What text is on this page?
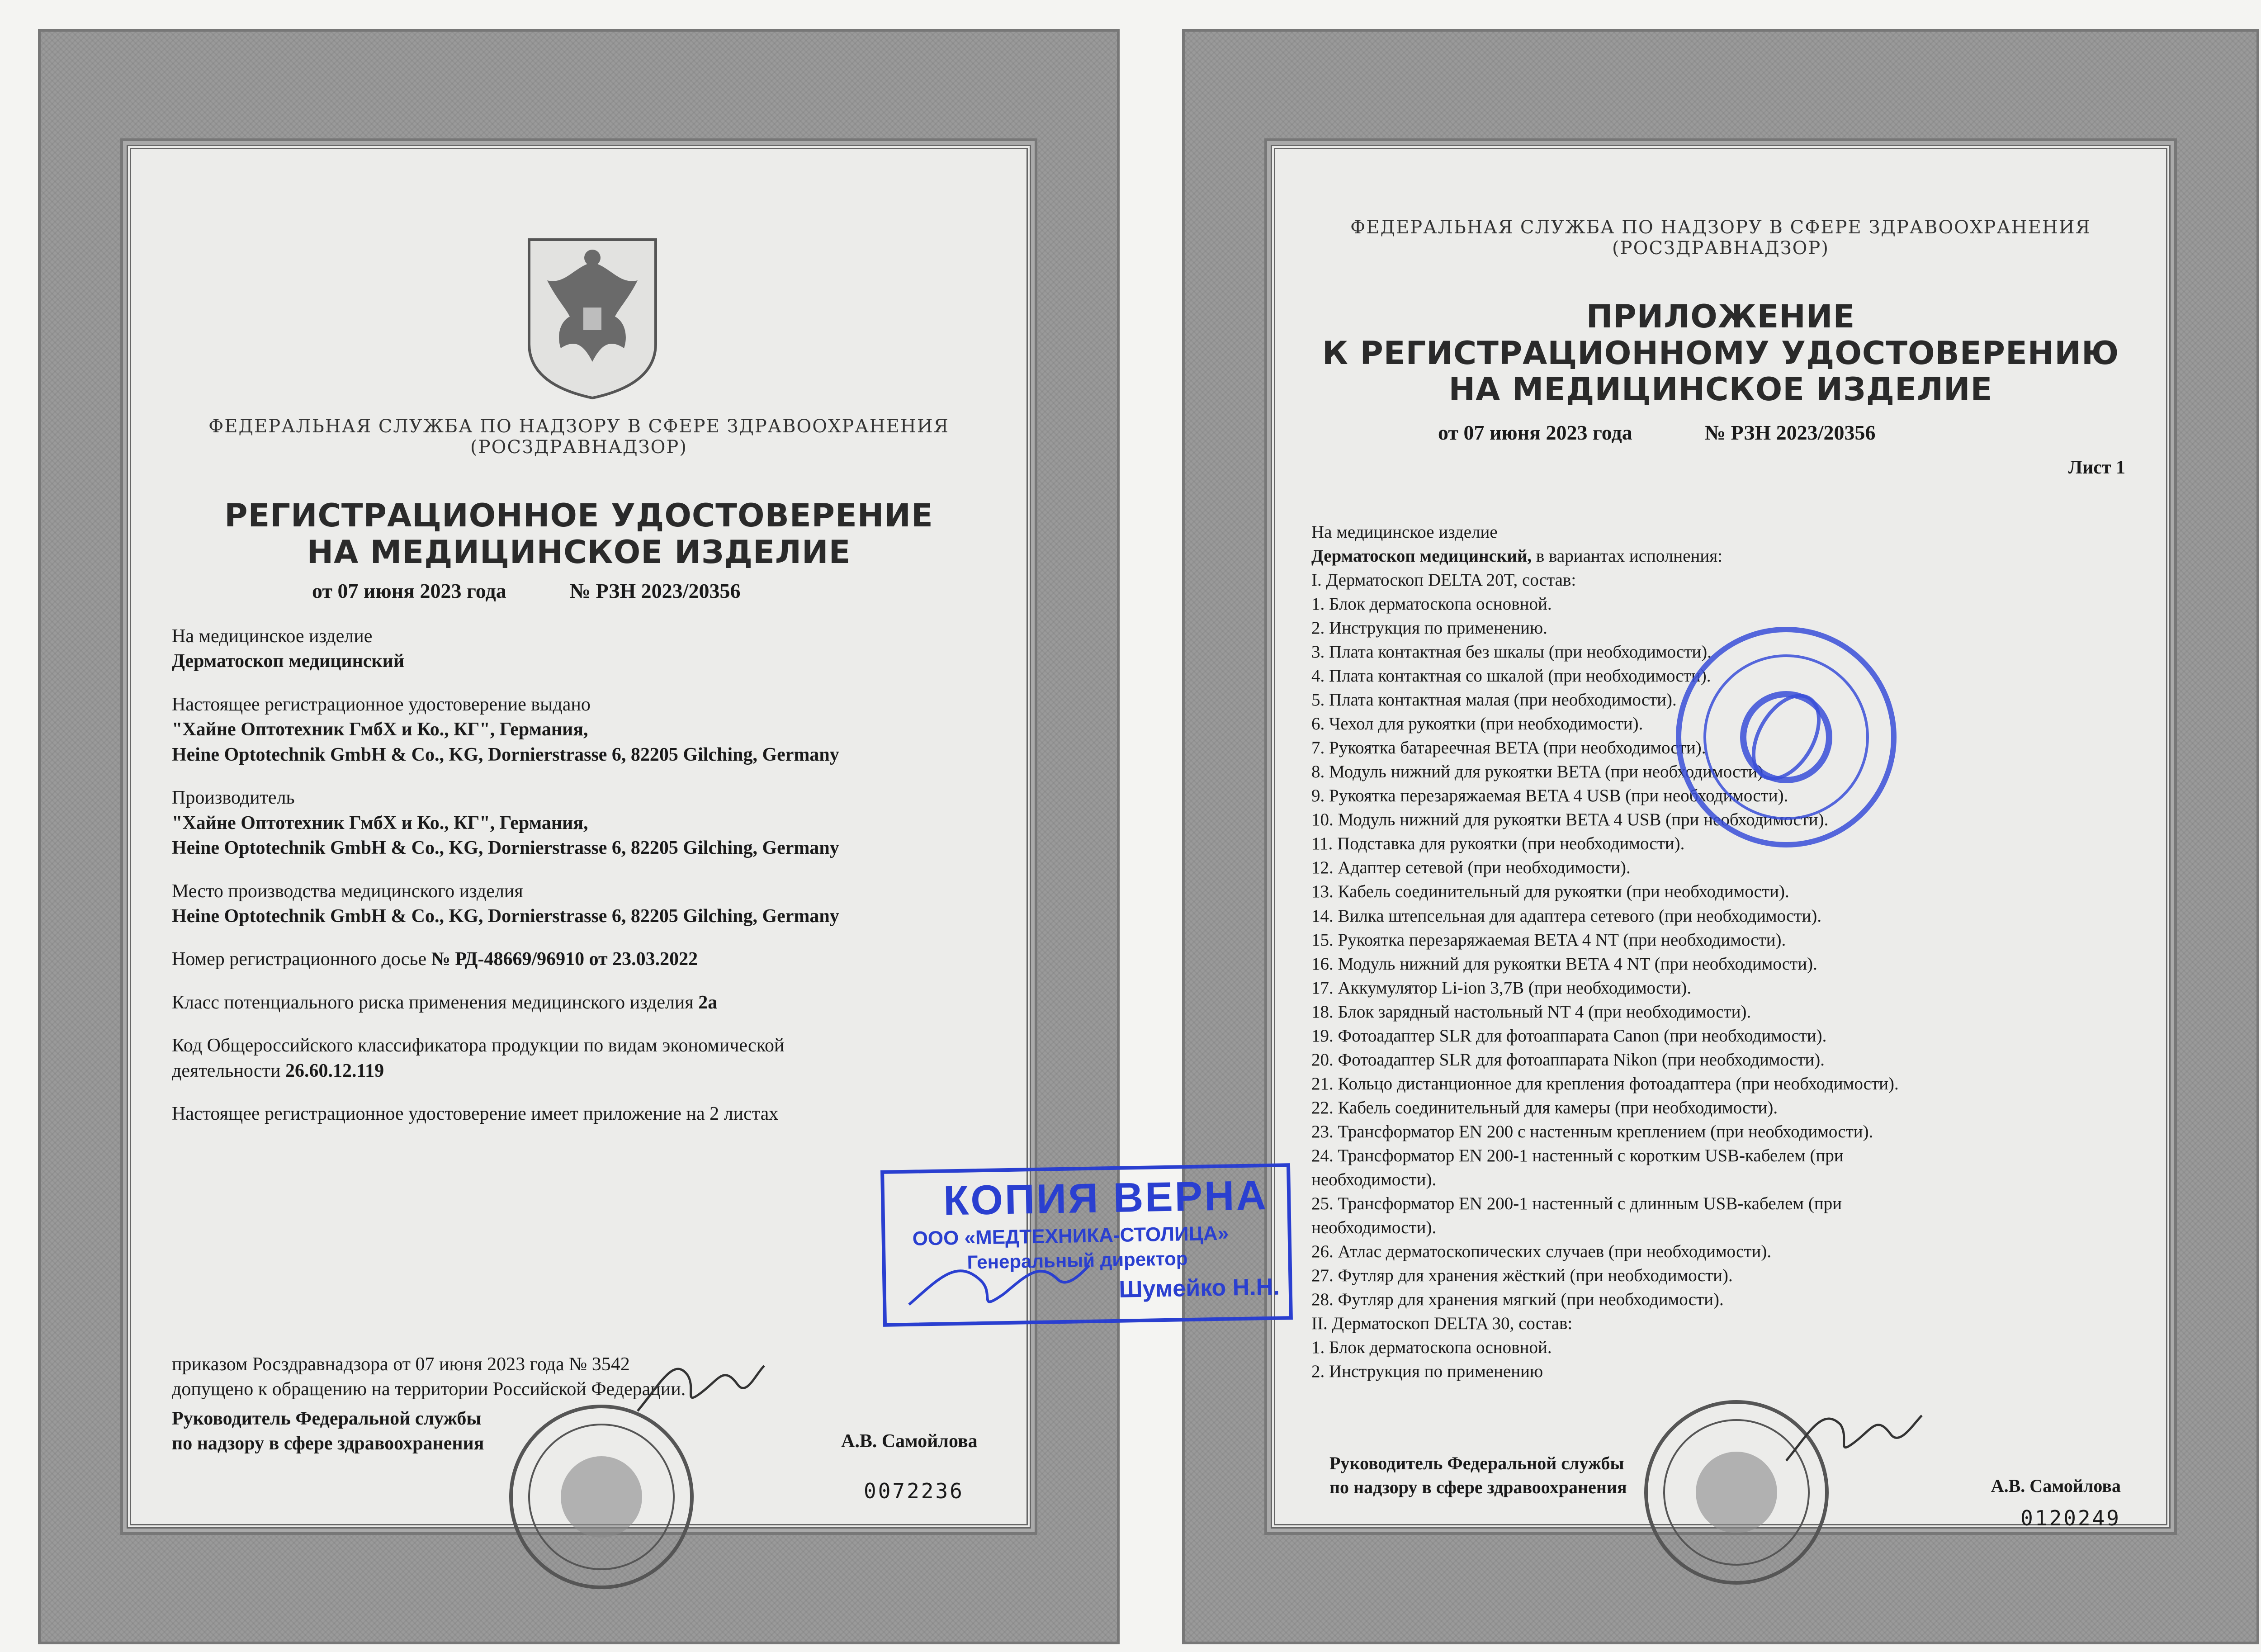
ФЕДЕРАЛЬНАЯ СЛУЖБА ПО НАДЗОРУ В СФЕРЕ ЗДРАВООХРАНЕНИЯ
(РОСЗДРАВНАДЗОР)
РЕГИСТРАЦИОННОЕ УДОСТОВЕРЕНИЕ
НА МЕДИЦИНСКОЕ ИЗДЕЛИЕ
от 07 июня 2023 года	№ РЗН 2023/20356
На медицинское изделие
Дерматоскоп медицинский
Настоящее регистрационное удостоверение выдано
"Хайне Оптотехник ГмбХ и Ко., КГ", Германия,
Heine Optotechnik GmbH & Co., KG, Dornierstrasse 6, 82205 Gilching, Germany
Производитель
"Хайне Оптотехник ГмбХ и Ко., КГ", Германия,
Heine Optotechnik GmbH & Co., KG, Dornierstrasse 6, 82205 Gilching, Germany
Место производства медицинского изделия
Heine Optotechnik GmbH & Co., KG, Dornierstrasse 6, 82205 Gilching, Germany
Номер регистрационного досье № РД-48669/96910 от 23.03.2022
Класс потенциального риска применения медицинского изделия 2а
Код Общероссийского классификатора продукции по видам экономической
деятельности 26.60.12.119
Настоящее регистрационное удостоверение имеет приложение на 2 листах
приказом Росздравнадзора от 07 июня 2023 года № 3542
допущено к обращению на территории Российской Федерации.
Руководитель Федеральной службы
по надзору в сфере здравоохранения	А.В. Самойлова
0072236
ФЕДЕРАЛЬНАЯ СЛУЖБА ПО НАДЗОРУ В СФЕРЕ ЗДРАВООХРАНЕНИЯ
(РОСЗДРАВНАДЗОР)
ПРИЛОЖЕНИЕ
К РЕГИСТРАЦИОННОМУ УДОСТОВЕРЕНИЮ
НА МЕДИЦИНСКОЕ ИЗДЕЛИЕ
от 07 июня 2023 года	№ РЗН 2023/20356
Лист 1
На медицинское изделие
Дерматоскоп медицинский, в вариантах исполнения:
I. Дерматоскоп DELTA 20T, состав:
1. Блок дерматоскопа основной.
2. Инструкция по применению.
3. Плата контактная без шкалы (при необходимости).
4. Плата контактная со шкалой (при необходимости).
5. Плата контактная малая (при необходимости).
6. Чехол для рукоятки (при необходимости).
7. Рукоятка батареечная BETA (при необходимости).
8. Модуль нижний для рукоятки BETA (при необходимости).
9. Рукоятка перезаряжаемая BETA 4 USB (при необходимости).
10. Модуль нижний для рукоятки BETA 4 USB (при необходимости).
11. Подставка для рукоятки (при необходимости).
12. Адаптер сетевой (при необходимости).
13. Кабель соединительный для рукоятки (при необходимости).
14. Вилка штепсельная для адаптера сетевого (при необходимости).
15. Рукоятка перезаряжаемая BETA 4 NT (при необходимости).
16. Модуль нижний для рукоятки BETA 4 NT (при необходимости).
17. Аккумулятор Li-ion 3,7В (при необходимости).
18. Блок зарядный настольный NT 4 (при необходимости).
19. Фотоадаптер SLR для фотоаппарата Canon (при необходимости).
20. Фотоадаптер SLR для фотоаппарата Nikon (при необходимости).
21. Кольцо дистанционное для крепления фотоадаптера (при необходимости).
22. Кабель соединительный для камеры (при необходимости).
23. Трансформатор EN 200 с настенным креплением (при необходимости).
24. Трансформатор EN 200-1 настенный с коротким USB-кабелем (при
необходимости).
25. Трансформатор EN 200-1 настенный с длинным USB-кабелем (при
необходимости).
26. Атлас дерматоскопических случаев (при необходимости).
27. Футляр для хранения жёсткий (при необходимости).
28. Футляр для хранения мягкий (при необходимости).
II. Дерматоскоп DELTA 30, состав:
1. Блок дерматоскопа основной.
2. Инструкция по применению
Руководитель Федеральной службы
по надзору в сфере здравоохранения	А.В. Самойлова
0120249
КОПИЯ ВЕРНА
ООО «МЕДТЕХНИКА-СТОЛИЦА»
Генеральный директор
Шумейко Н.Н.
